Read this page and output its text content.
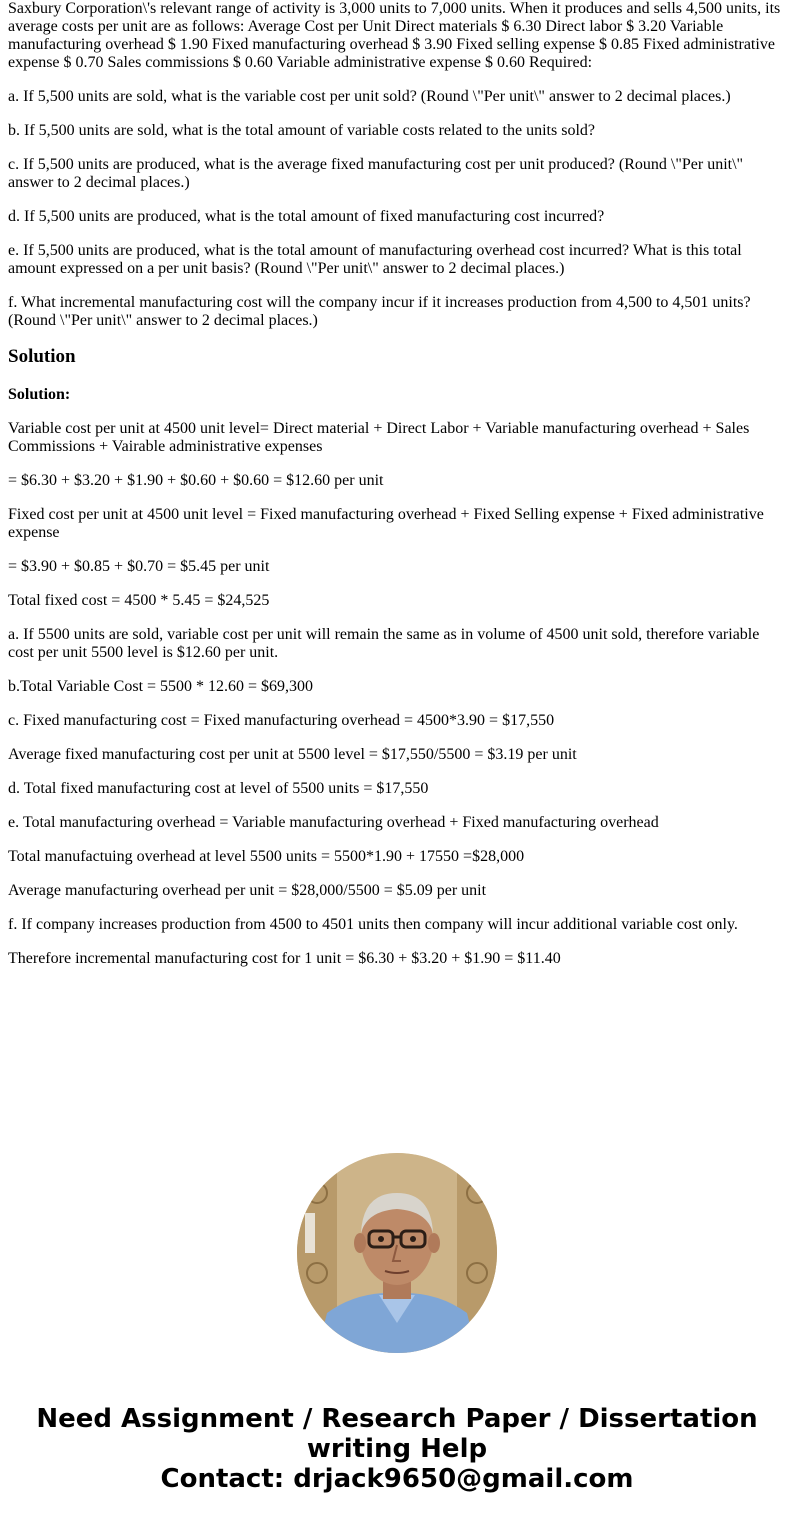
Saxbury Corporation\'s relevant range of activity is 3,000 units to 7,000 units. When it produces and sells 4,500 units, its average costs per unit are as follows: Average Cost per Unit Direct materials $ 6.30 Direct labor $ 3.20 Variable manufacturing overhead $ 1.90 Fixed manufacturing overhead $ 3.90 Fixed selling expense $ 0.85 Fixed administrative expense $ 0.70 Sales commissions $ 0.60 Variable administrative expense $ 0.60 Required:

a. If 5,500 units are sold, what is the variable cost per unit sold? (Round \"Per unit\" answer to 2 decimal places.)

b. If 5,500 units are sold, what is the total amount of variable costs related to the units sold?

c. If 5,500 units are produced, what is the average fixed manufacturing cost per unit produced? (Round \"Per unit\" answer to 2 decimal places.)

d. If 5,500 units are produced, what is the total amount of fixed manufacturing cost incurred?

e. If 5,500 units are produced, what is the total amount of manufacturing overhead cost incurred? What is this total amount expressed on a per unit basis? (Round \"Per unit\" answer to 2 decimal places.)

f. What incremental manufacturing cost will the company incur if it increases production from 4,500 to 4,501 units? (Round \"Per unit\" answer to 2 decimal places.)

Solution

Solution:

Variable cost per unit at 4500 unit level= Direct material + Direct Labor + Variable manufacturing overhead + Sales Commissions + Vairable administrative expenses

= $6.30 + $3.20 + $1.90 + $0.60 + $0.60 = $12.60 per unit

Fixed cost per unit at 4500 unit level = Fixed manufacturing overhead + Fixed Selling expense + Fixed administrative expense

= $3.90 + $0.85 + $0.70 = $5.45 per unit

Total fixed cost = 4500 * 5.45 = $24,525

a. If 5500 units are sold, variable cost per unit will remain the same as in volume of 4500 unit sold, therefore variable cost per unit 5500 level is $12.60 per unit.

b.Total Variable Cost = 5500 * 12.60 = $69,300

c. Fixed manufacturing cost = Fixed manufacturing overhead = 4500*3.90 = $17,550

Average fixed manufacturing cost per unit at 5500 level = $17,550/5500 = $3.19 per unit

d. Total fixed manufacturing cost at level of 5500 units = $17,550

e. Total manufacturing overhead = Variable manufacturing overhead + Fixed manufacturing overhead

Total manufactuing overhead at level 5500 units = 5500*1.90 + 17550 =$28,000

Average manufacturing overhead per unit = $28,000/5500 = $5.09 per unit

f. If company increases production from 4500 to 4501 units then company will incur additional variable cost only.

Therefore incremental manufacturing cost for 1 unit = $6.30 + $3.20 + $1.90 = $11.40

Need Assignment / Research Paper / Dissertation
writing Help
Contact: drjack9650@gmail.com
